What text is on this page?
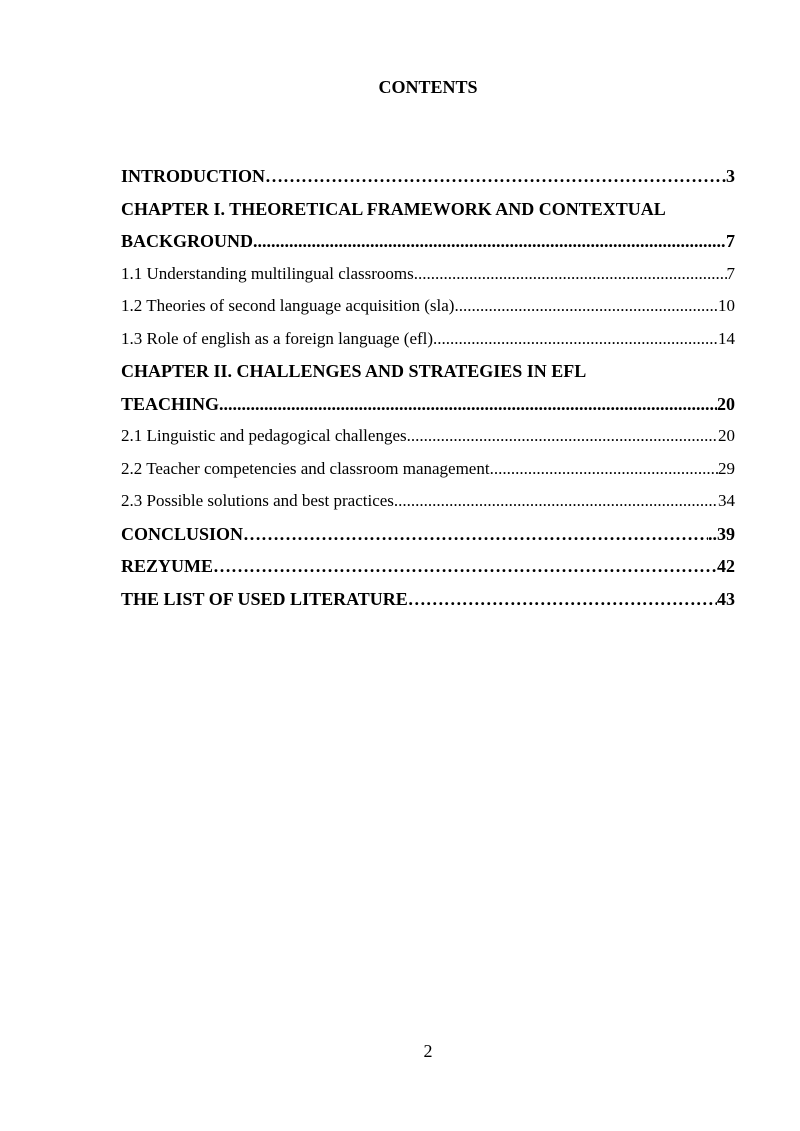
CONTENTS
INTRODUCTION ……………………………………………………………………………………………………………………………………………………………………	3
CHAPTER I. THEORETICAL FRAMEWORK AND CONTEXTUAL
BACKGROUND .....	7
1.1 Understanding multilingual classrooms .....	7
1.2 Theories of second language acquisition (sla) .....	10
1.3 Role of english as a foreign language (efl) .....	14
CHAPTER II. CHALLENGES AND STRATEGIES IN EFL
TEACHING .....	20
2.1 Linguistic and pedagogical challenges .....	20
2.2 Teacher competencies and classroom management .....	29
2.3 Possible solutions and best practices .....	34
CONCLUSION ……………………………………………………………………………………………………………………………………………………………………	..39
REZYUME ……………………………………………………………………………………………………………………………………………………………………	42
THE LIST OF USED LITERATURE ……………………………………………………………………………………………………………………………………………………………………	43
2
